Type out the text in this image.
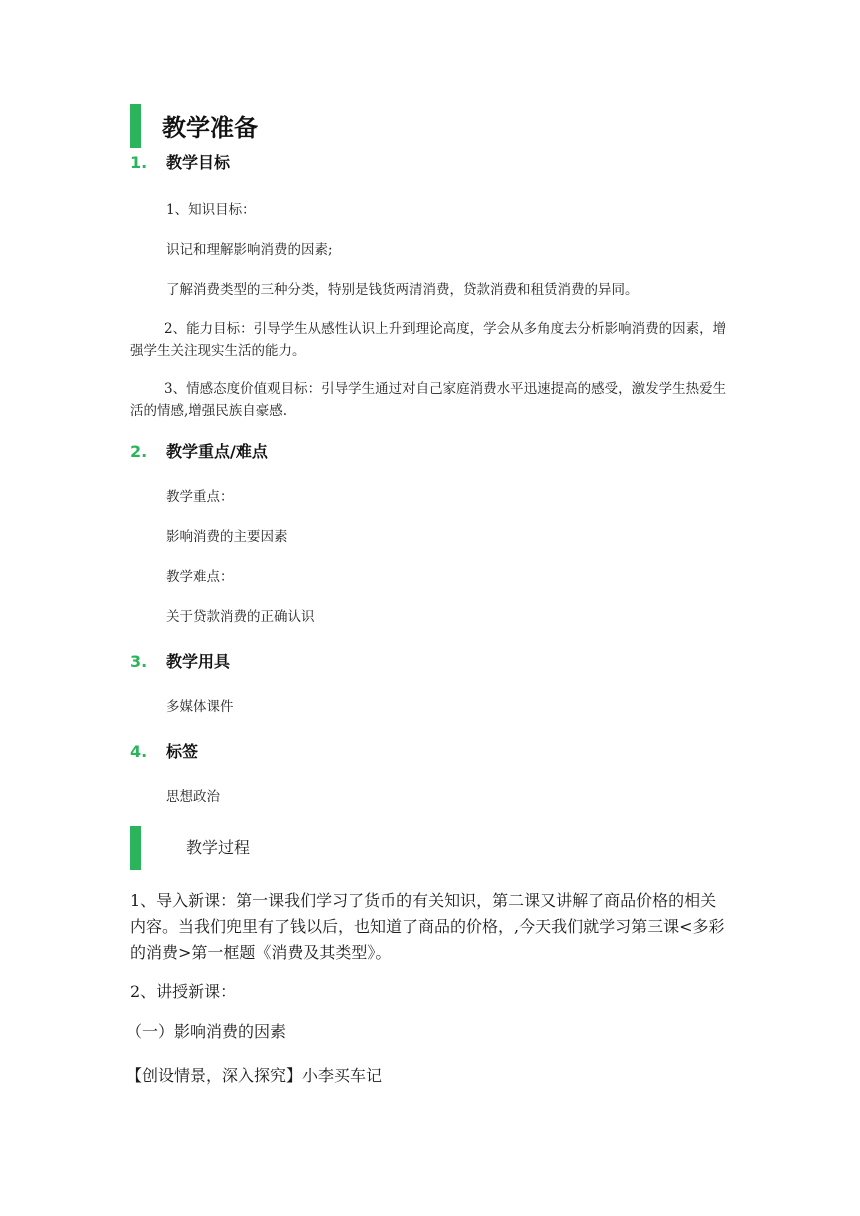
教学准备
1. 教学目标
1、知识目标：
识记和理解影响消费的因素;
了解消费类型的三种分类，特别是钱货两清消费，贷款消费和租赁消费的异同。
2、能力目标：引导学生从感性认识上升到理论高度，学会从多角度去分析影响消费的因素，增强学生关注现实生活的能力。
3、情感态度价值观目标：引导学生通过对自己家庭消费水平迅速提高的感受，激发学生热爱生活的情感,增强民族自豪感.
2. 教学重点/难点
教学重点：
影响消费的主要因素
教学难点：
关于贷款消费的正确认识
3. 教学用具
多媒体课件
4. 标签
思想政治
教学过程
1、导入新课：第一课我们学习了货币的有关知识，第二课又讲解了商品价格的相关内容。当我们兜里有了钱以后，也知道了商品的价格，,今天我们就学习第三课<多彩的消费>第一框题《消费及其类型》。
2、讲授新课：
（一）影响消费的因素
【创设情景，深入探究】小李买车记
